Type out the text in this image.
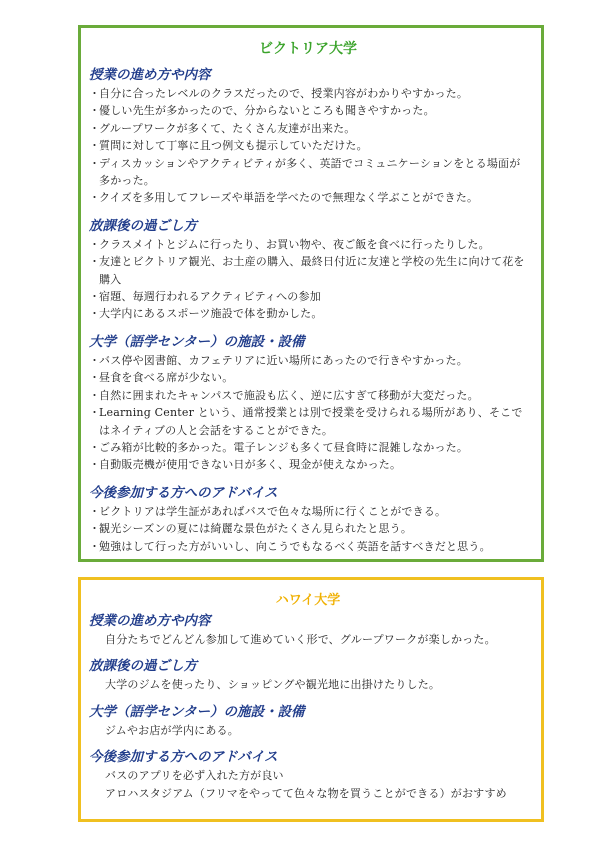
ビクトリア大学
授業の進め方や内容
・ 自分に合ったレベルのクラスだったので、授業内容がわかりやすかった。
・ 優しい先生が多かったので、分からないところも聞きやすかった。
・ グループワークが多くて、たくさん友達が出来た。
・ 質問に対して丁寧に且つ例文も提示していただけた。
・ ディスカッションやアクティビティが多く、英語でコミュニケーションをとる場面が多かった。
・ クイズを多用してフレーズや単語を学べたので無理なく学ぶことができた。
放課後の過ごし方
・ クラスメイトとジムに行ったり、お買い物や、夜ご飯を食べに行ったりした。
・ 友達とビクトリア観光、お土産の購入、最終日付近に友達と学校の先生に向けて花を購入
・ 宿題、毎週行われるアクティビティへの参加
・ 大学内にあるスポーツ施設で体を動かした。
大学（語学センター）の施設・設備
・ バス停や図書館、カフェテリアに近い場所にあったので行きやすかった。
・ 昼食を食べる席が少ない。
・ 自然に囲まれたキャンパスで施設も広く、逆に広すぎて移動が大変だった。
・ Learning Center という、通常授業とは別で授業を受けられる場所があり、そこではネイティブの人と会話をすることができた。
・ ごみ箱が比較的多かった。電子レンジも多くて昼食時に混雑しなかった。
・ 自動販売機が使用できない日が多く、現金が使えなかった。
今後参加する方へのアドバイス
・ ビクトリアは学生証があればバスで色々な場所に行くことができる。
・ 観光シーズンの夏には綺麗な景色がたくさん見られたと思う。
・ 勉強はして行った方がいいし、向こうでもなるべく英語を話すべきだと思う。
ハワイ大学
授業の進め方や内容
自分たちでどんどん参加して進めていく形で、グループワークが楽しかった。
放課後の過ごし方
大学のジムを使ったり、ショッピングや観光地に出掛けたりした。
大学（語学センター）の施設・設備
ジムやお店が学内にある。
今後参加する方へのアドバイス
バスのアプリを必ず入れた方が良い
アロハスタジアム（フリマをやってて色々な物を買うことができる）がおすすめ
